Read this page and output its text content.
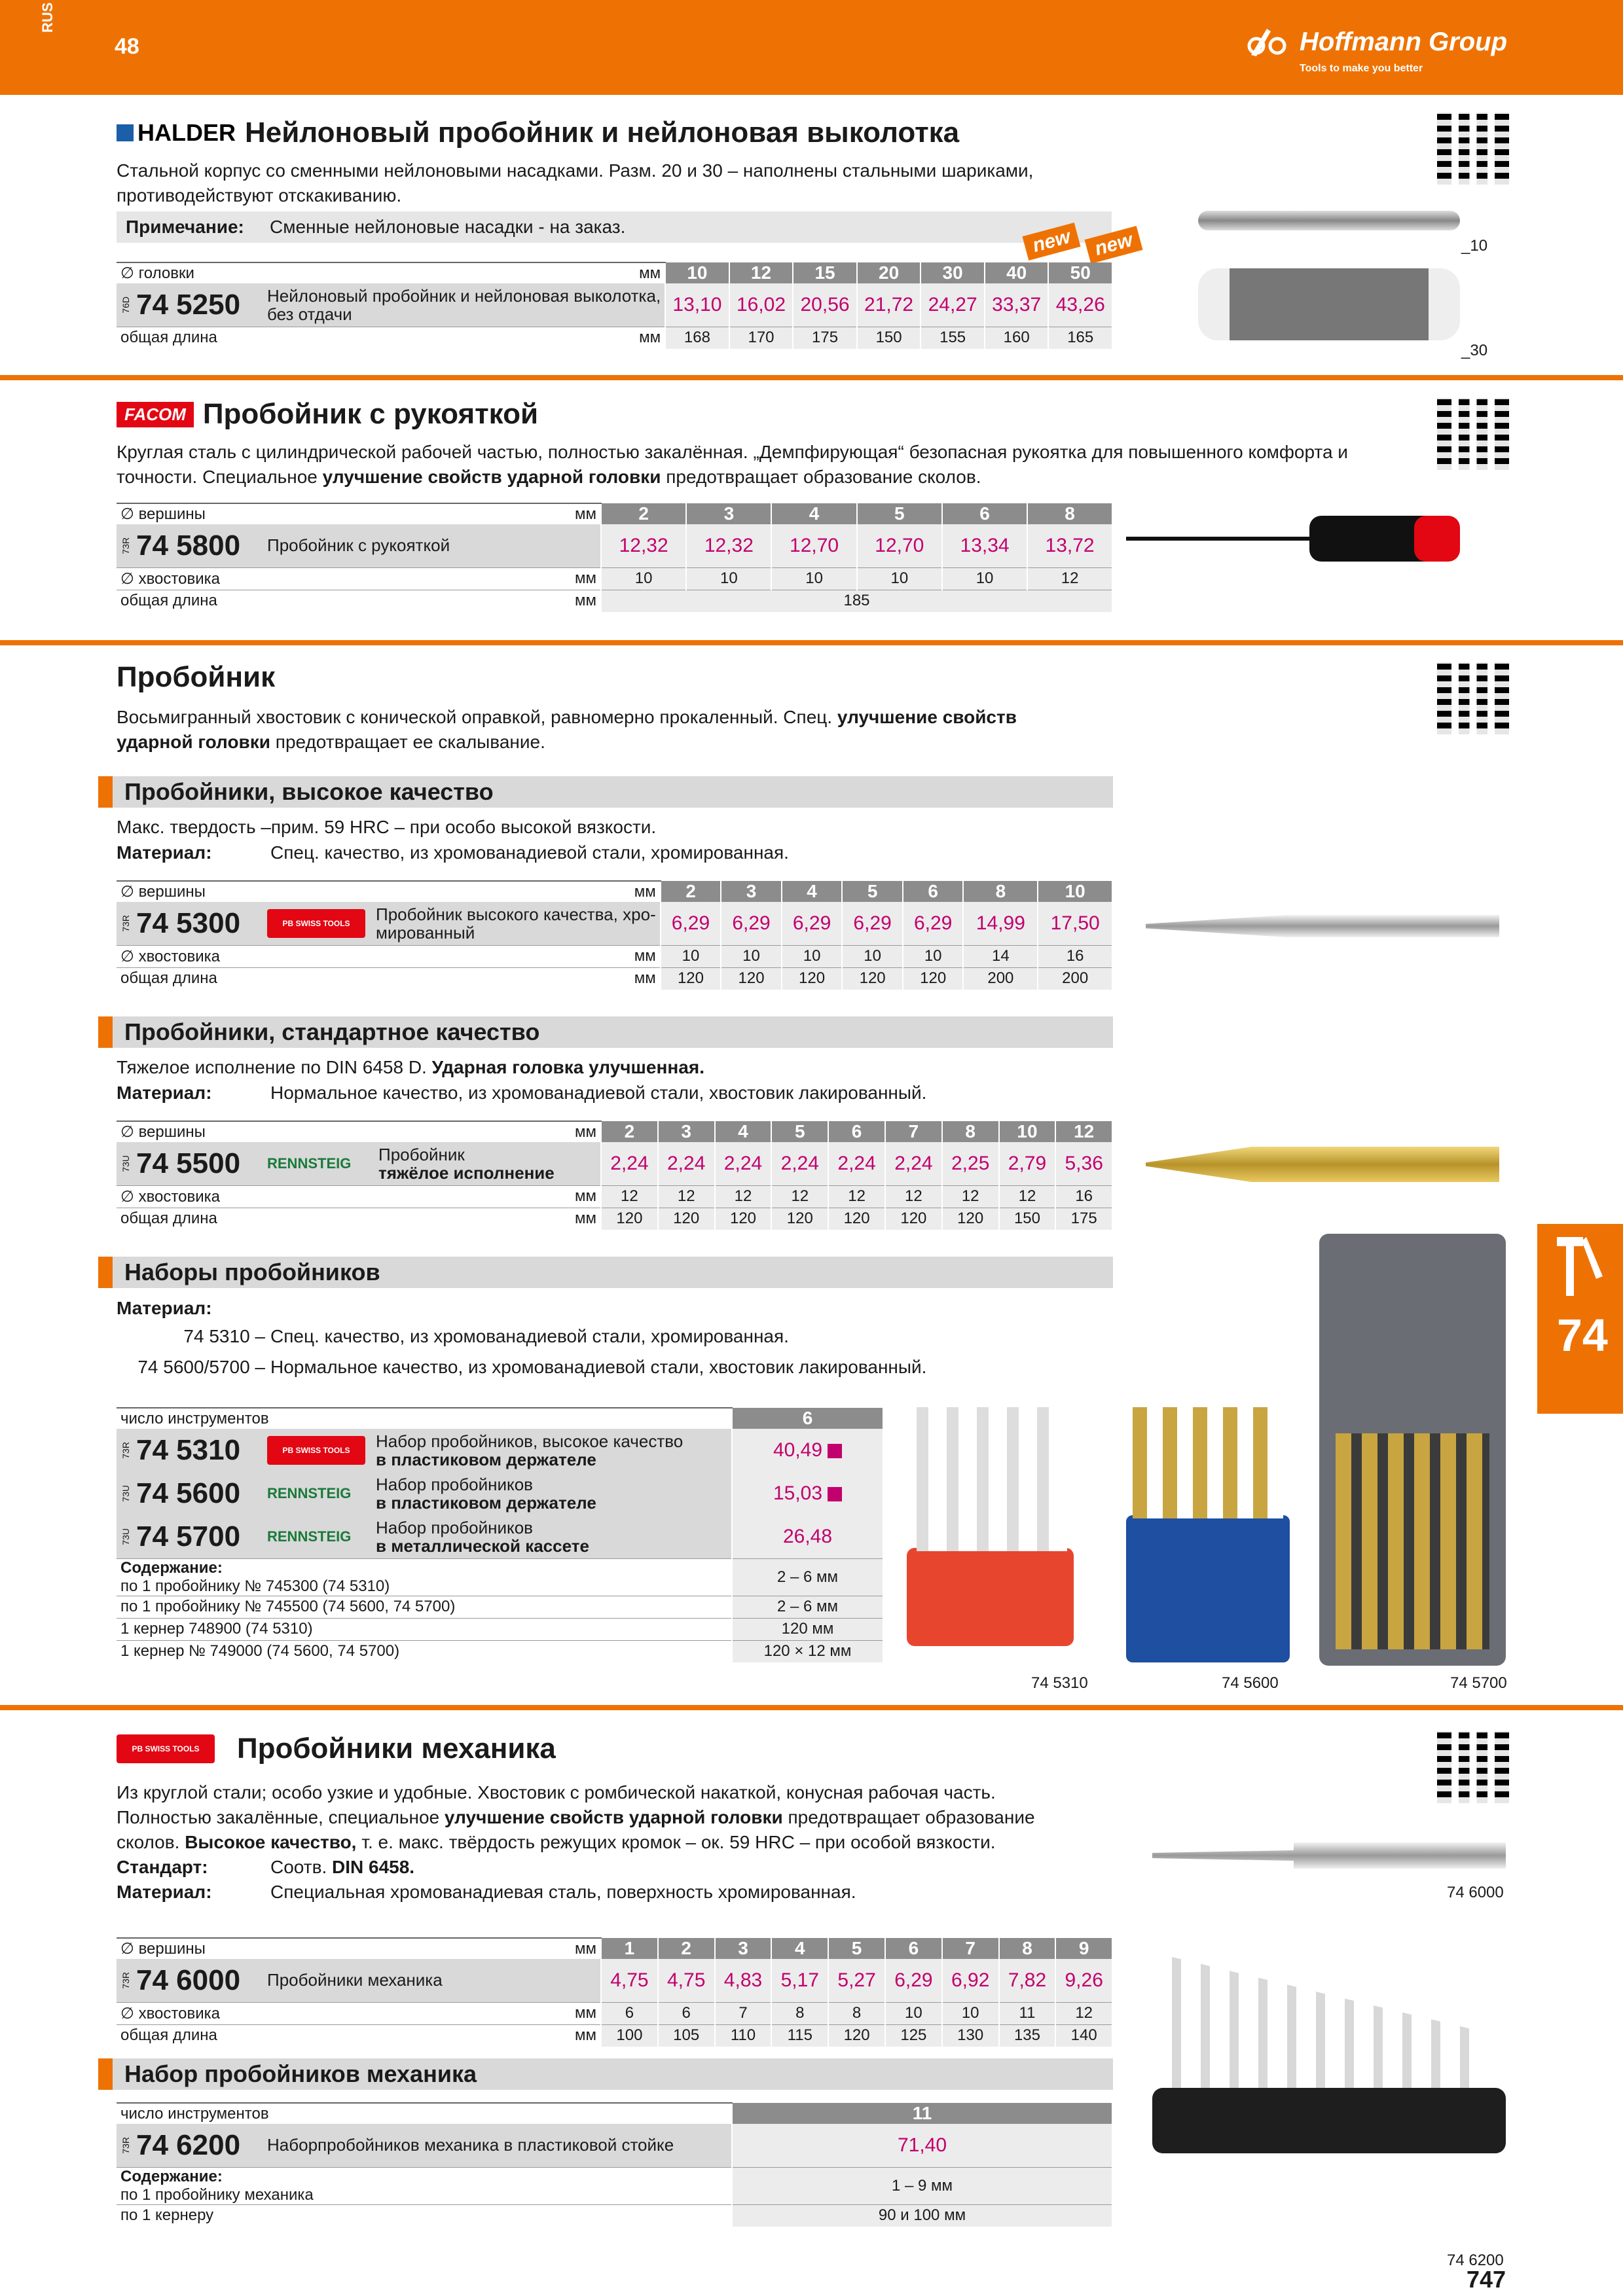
RUS
48	Hoffmann Group
Tools to make you better
HALDER Нейлоновый пробойник и нейлоновая выколотка
Стальной корпус со сменными нейлоновыми насадками. Разм. 20 и 30 – наполнены стальными шариками,
противодействуют отскакиванию.
Примечание: Сменные нейлоновые насадки - на заказ.	new	new
∅ головки	мм	10	12	15	20	30	40	50

76D 74 5250 Нейлоновый пробойник и нейлоновая выколотка,
без отдачи		13,10	16,02	20,56	21,72	24,27	33,37	43,26
общая длина	мм	168	170	175	150	155	160	165
_10
_30
FACOM Пробойник с рукояткой
Круглая сталь с цилиндрической рабочей частью, полностью закалённая. „Демпфирующая“ безопасная рукоятка для повышенного комфорта и
точности. Специальное улучшение свойств ударной головки предотвращает образование сколов.
∅ вершины	мм	2	3	4	5	6	8

73R 74 5800 Пробойник с рукояткой		12,32	12,32	12,70	12,70	13,34	13,72
∅ хвостовика	мм	10	10	10	10	10	12
общая длина	мм	185					
Пробойник
Восьмигранный хвостовик с конической оправкой, равномерно прокаленный. Спец. улучшение свойств
ударной головки предотвращает ее скалывание.
Пробойники, высокое качество
Макс. твердость –прим. 59 HRC – при особо высокой вязкости.
Материал:	Спец. качество, из хромованадиевой стали, хромированная.
∅ вершины	мм	2	3	4	5	6	8	10

73R 74 5300 PB SWISS TOOLS Пробойник высокого качества, хро-
мированный		6,29	6,29	6,29	6,29	6,29	14,99	17,50
∅ хвостовика	мм	10	10	10	10	10	14	16
общая длина	мм	120	120	120	120	120	200	200
Пробойники, стандартное качество
Тяжелое исполнение по DIN 6458 D. Ударная головка улучшенная.
Материал:	Нормальное качество, из хромованадиевой стали, хвостовик лакированный.
∅ вершины	мм	2	3	4	5	6	7	8	10	12

73U 74 5500 RENNSTEIG Пробойник
тяжёлое исполнение		2,24	2,24	2,24	2,24	2,24	2,24	2,25	2,79	5,36
∅ хвостовика	мм	12	12	12	12	12	12	12	12	16
общая длина	мм	120	120	120	120	120	120	120	150	175
Наборы пробойников
Материал:
74 5310 – Спец. качество, из хромованадиевой стали, хромированная.
74 5600/5700 – Нормальное качество, из хромованадиевой стали, хвостовик лакированный.
число инструментов	6

73R 74 5310 PB SWISS TOOLS Набор пробойников, высокое качество
в пластиковом держателе	40,49

73U 74 5600 RENNSTEIG Набор пробойников
в пластиковом держателе	15,03

73U 74 5700 RENNSTEIG Набор пробойников
в металлической кассете	26,48

Содержание:
по 1 пробойнику № 745300 (74 5310)	2 – 6 мм
по 1 пробойнику № 745500 (74 5600, 74 5700)	2 – 6 мм
1 кернер 748900 (74 5310)	120 мм
1 кернер № 749000 (74 5600, 74 5700)	120 × 12 мм
74 5310	74 5600	74 5700
PB SWISS TOOLS	Пробойники механика
Из круглой стали; особо узкие и удобные. Хвостовик с ромбической накаткой, конусная рабочая часть.
Полностью закалённые, специальное улучшение свойств ударной головки предотвращает образование
сколов. Высокое качество, т. е. макс. твёрдость режущих кромок – ок. 59 HRC – при особой вязкости.
Стандарт:	Соотв. DIN 6458.
Материал:	Специальная хромованадиевая сталь, поверхность хромированная.	74 6000
∅ вершины	мм	1	2	3	4	5	6	7	8	9

73R 74 6000 Пробойники механика		4,75	4,75	4,83	5,17	5,27	6,29	6,92	7,82	9,26
∅ хвостовика	мм	6	6	7	8	8	10	10	11	12
общая длина	мм	100	105	110	115	120	125	130	135	140
Набор пробойников механика
число инструментов	11

73R 74 6200 Наборпробойников механика в пластиковой стойке	71,40

Содержание:
по 1 пробойнику механика	1 – 9 мм
по 1 кернеру	90 и 100 мм
74 6200
74
747
